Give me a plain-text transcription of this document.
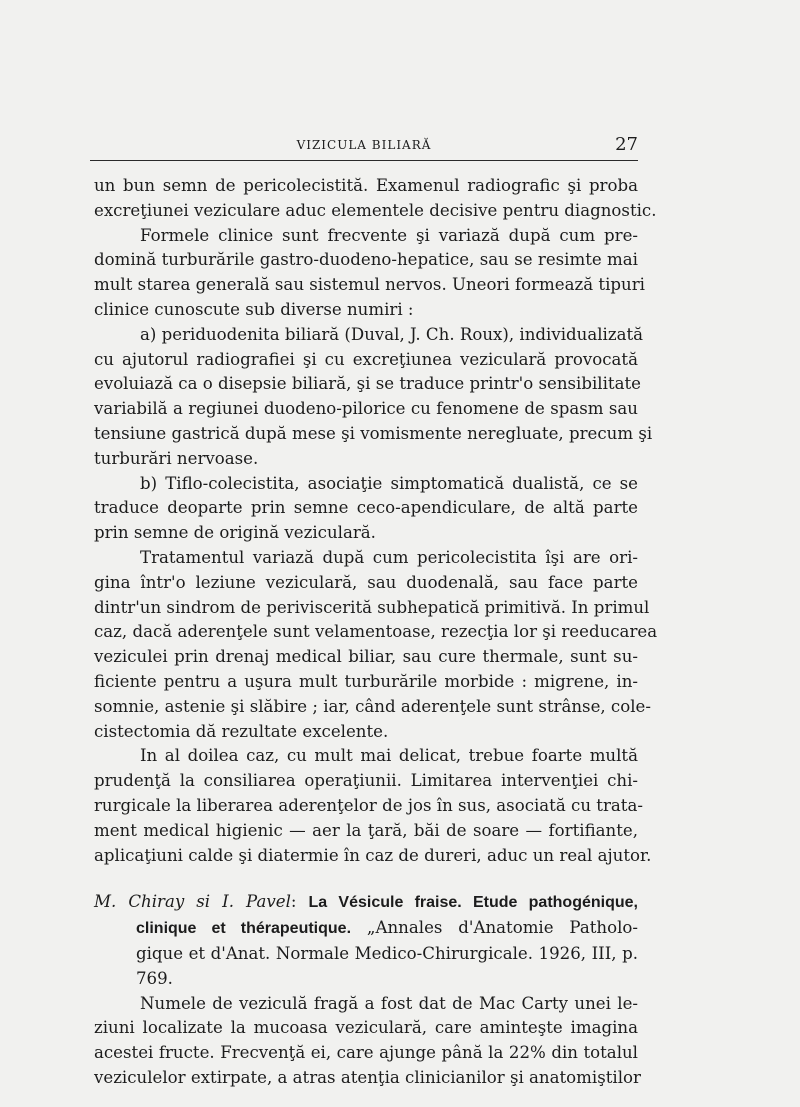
VIZICULA BILIARĂ	27
un bun semn de pericolecistită. Examenul radiografic şi proba
excreţiunei veziculare aduc elementele decisive pentru diagnostic.
Formele clinice sunt frecvente şi variază după cum pre-
domină turburările gastro-duodeno-hepatice, sau se resimte mai
mult starea generală sau sistemul nervos. Uneori formează tipuri
clinice cunoscute sub diverse numiri :
a) periduodenita biliară (Duval, J. Ch. Roux), individualizată
cu ajutorul radiografiei şi cu excreţiunea veziculară provocată
evoluiază ca o disepsie biliară, şi se traduce printr'o sensibilitate
variabilă a regiunei duodeno-pilorice cu fenomene de spasm sau
tensiune gastrică după mese şi vomismente neregluate, precum şi
turburări nervoase.
b) Tiflo-colecistita, asociaţie simptomatică dualistă, ce se
traduce deoparte prin semne ceco-apendiculare, de altă parte
prin semne de origină veziculară.
Tratamentul variază după cum pericolecistita îşi are ori-
gina într'o leziune veziculară, sau duodenală, sau face parte
dintr'un sindrom de periviscerită subhepatică primitivă. In primul
caz, dacă aderenţele sunt velamentoase, rezecţia lor şi reeducarea
veziculei prin drenaj medical biliar, sau cure thermale, sunt su-
ficiente pentru a uşura mult turburările morbide : migrene, in-
somnie, astenie şi slăbire ; iar, când aderenţele sunt strânse, cole-
cistectomia dă rezultate excelente.
In al doilea caz, cu mult mai delicat, trebue foarte multă
prudenţă la consiliarea operaţiunii. Limitarea intervenţiei chi-
rurgicale la liberarea aderenţelor de jos în sus, asociată cu trata-
ment medical higienic — aer la ţară, băi de soare — fortifiante,
aplicaţiuni calde şi diatermie în caz de dureri, aduc un real ajutor.
M. Chiray si I. Pavel: La Vésicule fraise. Etude pathogénique,
clinique et thérapeutique. „Annales d'Anatomie Patholo-
gique et d'Anat. Normale Medico-Chirurgicale. 1926, III, p.
769.
Numele de veziculă fragă a fost dat de Mac Carty unei le-
ziuni localizate la mucoasa veziculară, care aminteşte imagina
acestei fructe. Frecvenţă ei, care ajunge până la 22% din totalul
veziculelor extirpate, a atras atenţia clinicianilor şi anatomiştilor
